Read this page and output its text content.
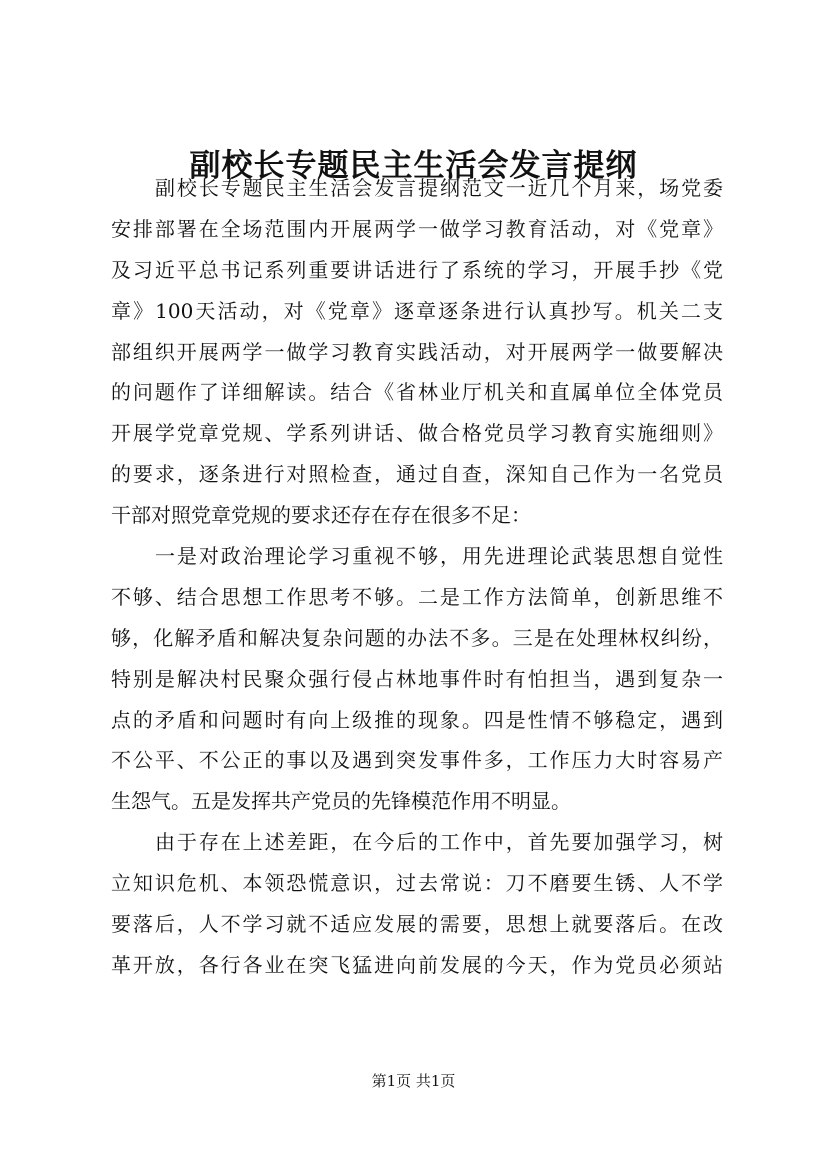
副校长专题民主生活会发言提纲
副校长专题民主生活会发言提纲范文一近几个月来，场党委
安排部署在全场范围内开展两学一做学习教育活动，对《党章》
及习近平总书记系列重要讲话进行了系统的学习，开展手抄《党
章》100天活动，对《党章》逐章逐条进行认真抄写。机关二支
部组织开展两学一做学习教育实践活动，对开展两学一做要解决
的问题作了详细解读。结合《省林业厅机关和直属单位全体党员
开展学党章党规、学系列讲话、做合格党员学习教育实施细则》
的要求，逐条进行对照检查，通过自查，深知自己作为一名党员
干部对照党章党规的要求还存在存在很多不足：
一是对政治理论学习重视不够，用先进理论武装思想自觉性
不够、结合思想工作思考不够。二是工作方法简单，创新思维不
够，化解矛盾和解决复杂问题的办法不多。三是在处理林权纠纷，
特别是解决村民聚众强行侵占林地事件时有怕担当，遇到复杂一
点的矛盾和问题时有向上级推的现象。四是性情不够稳定，遇到
不公平、不公正的事以及遇到突发事件多，工作压力大时容易产
生怨气。五是发挥共产党员的先锋模范作用不明显。
由于存在上述差距，在今后的工作中，首先要加强学习，树
立知识危机、本领恐慌意识，过去常说：刀不磨要生锈、人不学
要落后，人不学习就不适应发展的需要，思想上就要落后。在改
革开放，各行各业在突飞猛进向前发展的今天，作为党员必须站
第1页 共1页
